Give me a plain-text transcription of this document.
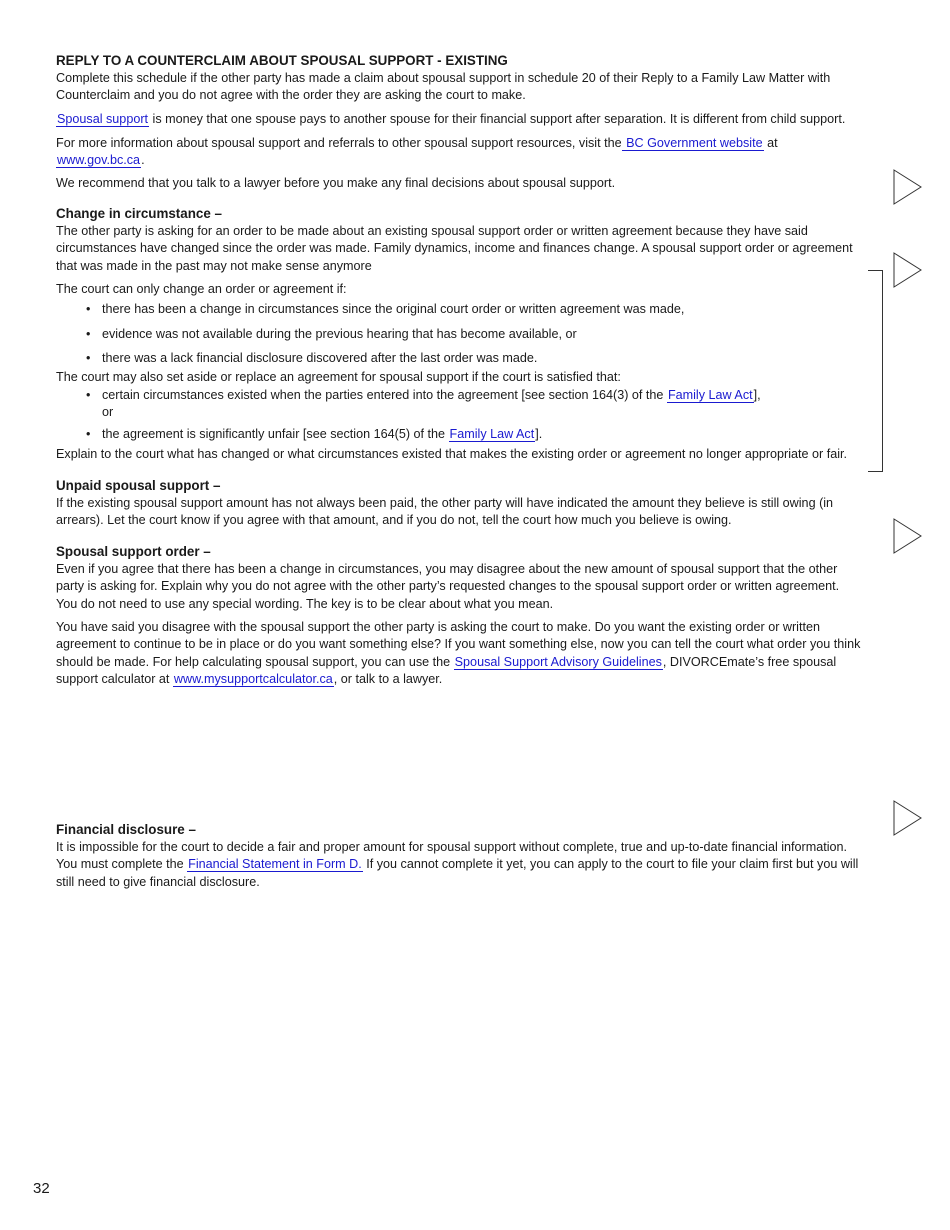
REPLY TO A COUNTERCLAIM ABOUT SPOUSAL SUPPORT - EXISTING

Complete this schedule if the other party has made a claim about spousal support in schedule 20 of their Reply to a Family Law Matter with Counterclaim and you do not agree with the order they are asking the court to make.

Spousal support is money that one spouse pays to another spouse for their financial support after separation. It is different from child support.

For more information about spousal support and referrals to other spousal support resources, visit the BC Government website at
www.gov.bc.ca.

We recommend that you talk to a lawyer before you make any final decisions about spousal support.

Change in circumstance –

The other party is asking for an order to be made about an existing spousal support order or written agreement because they have said circumstances have changed since the order was made. Family dynamics, income and finances change. A spousal support order or agreement that was made in the past may not make sense anymore

The court can only change an order or agreement if:

• there has been a change in circumstances since the original court order or written agreement was made,
• evidence was not available during the previous hearing that has become available, or
• there was a lack financial disclosure discovered after the last order was made.

The court may also set aside or replace an agreement for spousal support if the court is satisfied that:

• certain circumstances existed when the parties entered into the agreement [see section 164(3) of the Family Law Act],
or
• the agreement is significantly unfair [see section 164(5) of the Family Law Act].

Explain to the court what has changed or what circumstances existed that makes the existing order or agreement no longer appropriate or fair.

Unpaid spousal support –

If the existing spousal support amount has not always been paid, the other party will have indicated the amount they believe is still owing (in arrears). Let the court know if you agree with that amount, and if you do not, tell the court how much you believe is owing.

Spousal support order –

Even if you agree that there has been a change in circumstances, you may disagree about the new amount of spousal support that the other party is asking for. Explain why you do not agree with the other party’s requested changes to the spousal support order or written agreement. You do not need to use any special wording. The key is to be clear about what you mean.

You have said you disagree with the spousal support the other party is asking the court to make. Do you want the existing order or written agreement to continue to be in place or do you want something else? If you want something else, now you can tell the court what order you think should be made. For help calculating spousal support, you can use the Spousal Support Advisory Guidelines, DIVORCEmate’s free spousal support calculator at www.mysupportcalculator.ca, or talk to a lawyer.

Financial disclosure –

It is impossible for the court to decide a fair and proper amount for spousal support without complete, true and up-to-date financial information. You must complete the Financial Statement in Form D. If you cannot complete it yet, you can apply to the court to file your claim first but you will still need to give financial disclosure.

32
